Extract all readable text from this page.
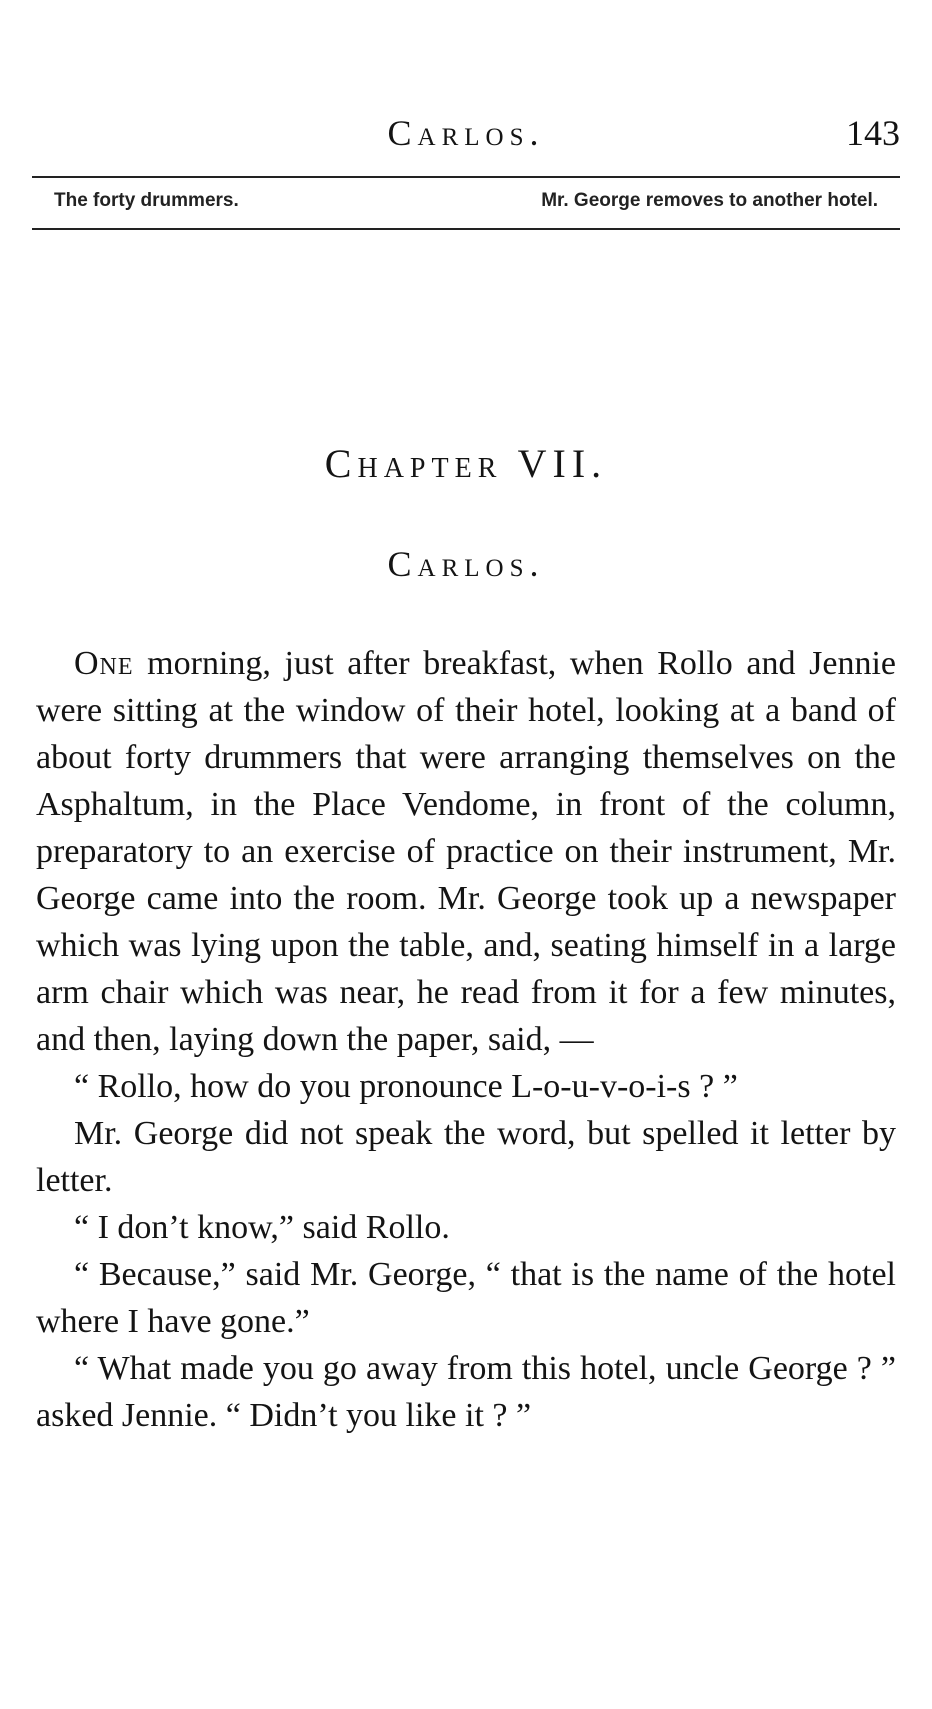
Carlos.	143
The forty drummers.	Mr. George removes to another hotel.
Chapter VII.
Carlos.

One morning, just after breakfast, when Rollo and Jennie were sitting at the window of their hotel, looking at a band of about forty drummers that were arranging themselves on the Asphaltum, in the Place Vendome, in front of the column, preparatory to an exercise of practice on their instrument, Mr. George came into the room. Mr. George took up a newspaper which was lying upon the table, and, seating himself in a large arm chair which was near, he read from it for a few minutes, and then, laying down the paper, said, —

“ Rollo, how do you pronounce L-o-u-v-o-i-s ? ”

Mr. George did not speak the word, but spelled it letter by letter.

“ I don’t know,” said Rollo.

“ Because,” said Mr. George, “ that is the name of the hotel where I have gone.”

“ What made you go away from this hotel, uncle George ? ” asked Jennie. “ Didn’t you like it ? ”
